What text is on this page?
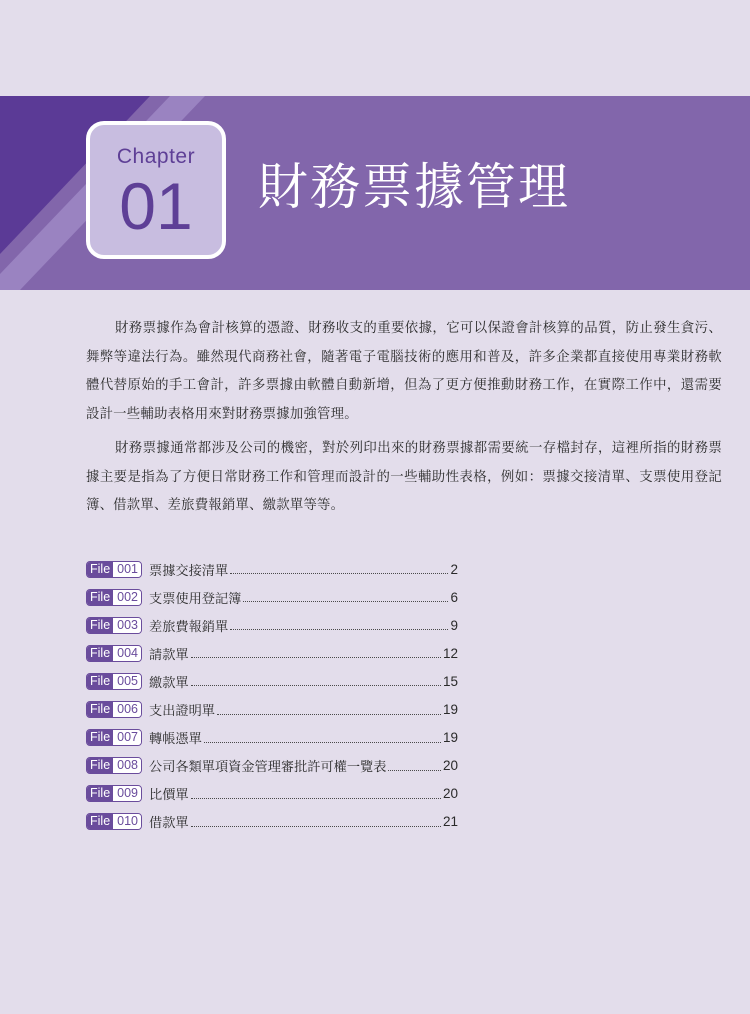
Chapter
01	財務票據管理

財務票據作為會計核算的憑證、財務收支的重要依據，它可以保證會計核算的品質，防止發生貪污、舞弊等違法行為。雖然現代商務社會，隨著電子電腦技術的應用和普及，許多企業都直接使用專業財務軟體代替原始的手工會計，許多票據由軟體自動新增，但為了更方便推動財務工作，在實際工作中，還需要設計一些輔助表格用來對財務票據加強管理。

財務票據通常都涉及公司的機密，對於列印出來的財務票據都需要統一存檔封存，這裡所指的財務票據主要是指為了方便日常財務工作和管理而設計的一些輔助性表格，例如：票據交接清單、支票使用登記簿、借款單、差旅費報銷單、繳款單等等。

File 001 票據交接清單	2
File 002 支票使用登記簿	6
File 003 差旅費報銷單	9
File 004 請款單	12
File 005 繳款單	15
File 006 支出證明單	19
File 007 轉帳憑單	19
File 008 公司各類單項資金管理審批許可權一覽表	20
File 009 比價單	20
File 010 借款單	21
